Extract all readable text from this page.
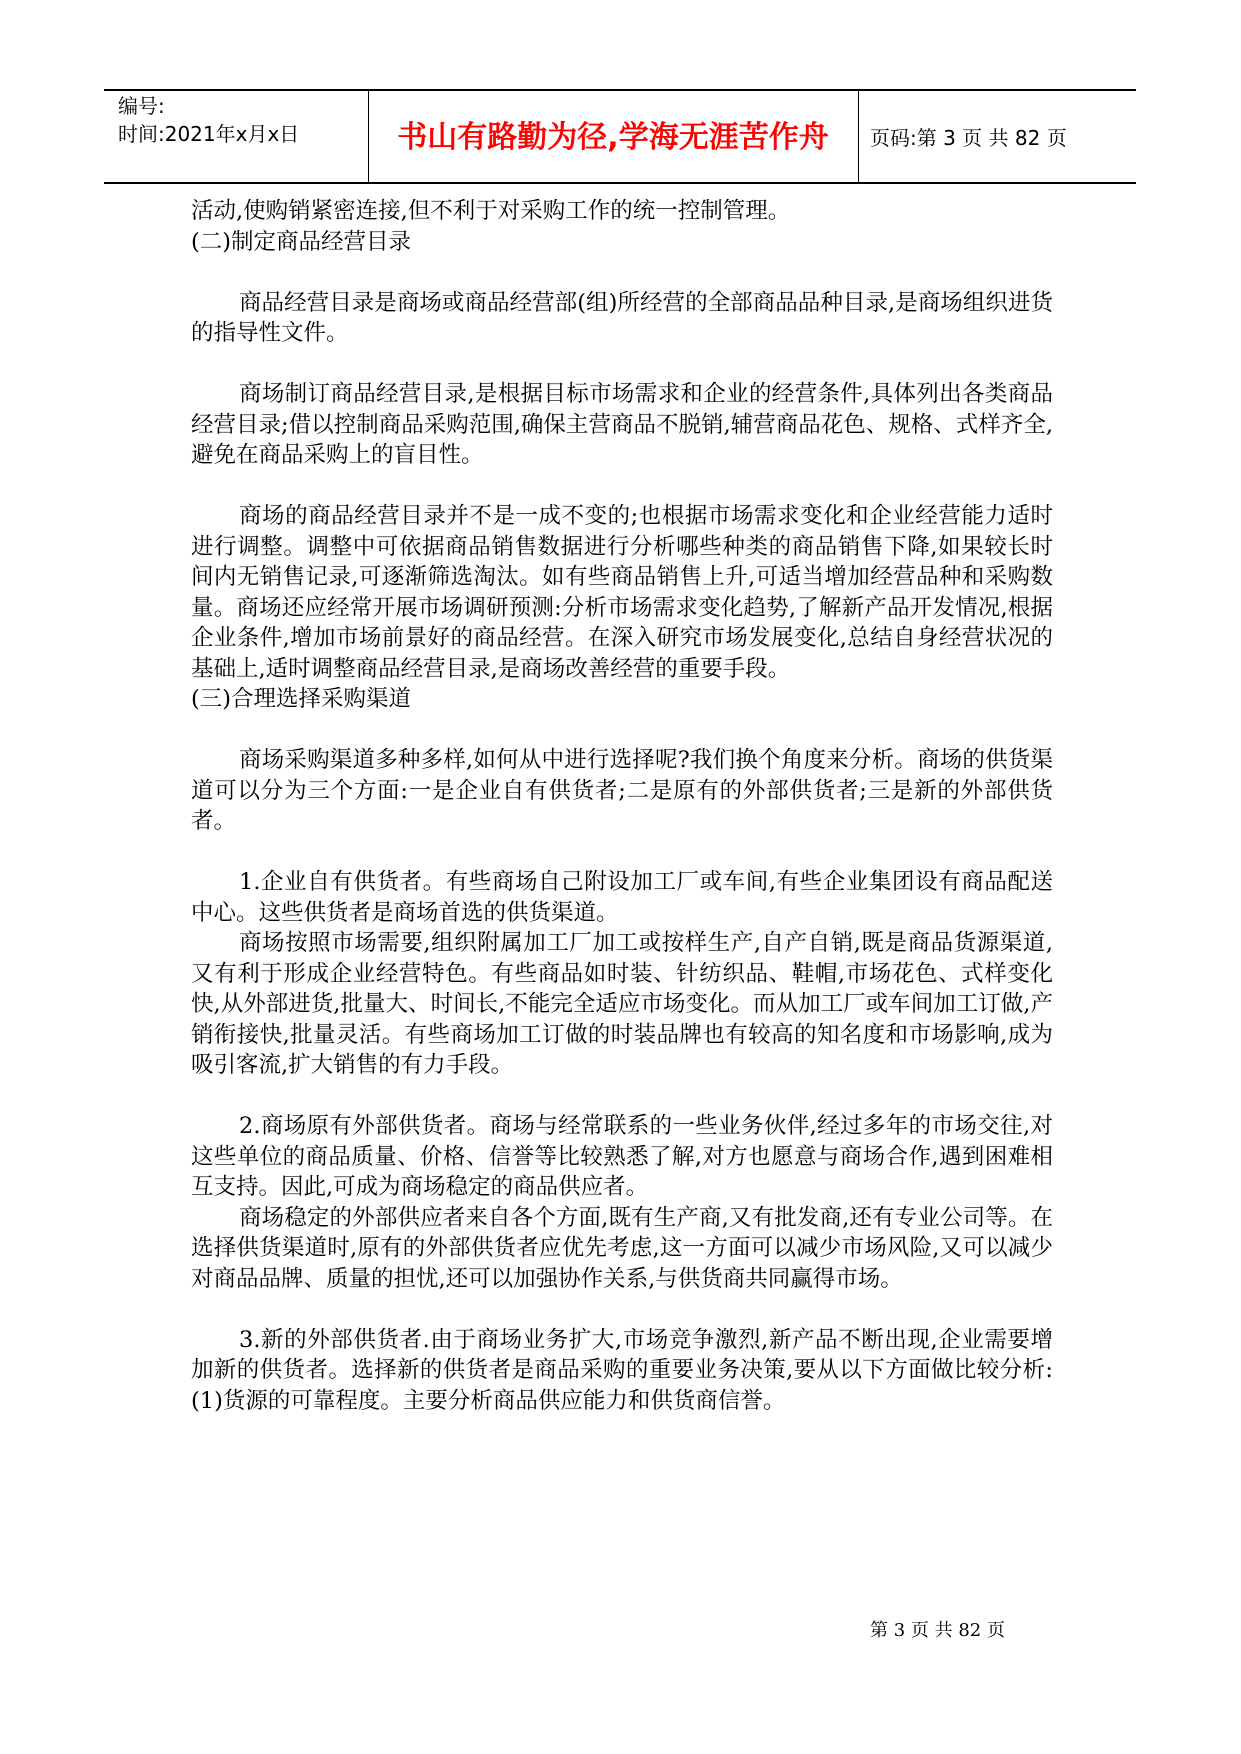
编号:
时间:2021年x月x日	书山有路勤为径,学海无涯苦作舟	页码:第 3 页 共 82 页

活动,使购销紧密连接,但不利于对采购工作的统一控制管理。

(二)制定商品经营目录

商品经营目录是商场或商品经营部(组)所经营的全部商品品种目录,是商场组织进货的指导性文件。

商场制订商品经营目录,是根据目标市场需求和企业的经营条件,具体列出各类商品经营目录;借以控制商品采购范围,确保主营商品不脱销,辅营商品花色、规格、式样齐全,避免在商品采购上的盲目性。

商场的商品经营目录并不是一成不变的;也根据市场需求变化和企业经营能力适时进行调整。调整中可依据商品销售数据进行分析哪些种类的商品销售下降,如果较长时间内无销售记录,可逐渐筛选淘汰。如有些商品销售上升,可适当增加经营品种和采购数量。商场还应经常开展市场调研预测:分析市场需求变化趋势,了解新产品开发情况,根据企业条件,增加市场前景好的商品经营。在深入研究市场发展变化,总结自身经营状况的基础上,适时调整商品经营目录,是商场改善经营的重要手段。

(三)合理选择采购渠道

商场采购渠道多种多样,如何从中进行选择呢?我们换个角度来分析。商场的供货渠道可以分为三个方面:一是企业自有供货者;二是原有的外部供货者;三是新的外部供货者。

1.企业自有供货者。有些商场自己附设加工厂或车间,有些企业集团设有商品配送中心。这些供货者是商场首选的供货渠道。

商场按照市场需要,组织附属加工厂加工或按样生产,自产自销,既是商品货源渠道,又有利于形成企业经营特色。有些商品如时装、针纺织品、鞋帽,市场花色、式样变化快,从外部进货,批量大、时间长,不能完全适应市场变化。而从加工厂或车间加工订做,产销衔接快,批量灵活。有些商场加工订做的时装品牌也有较高的知名度和市场影响,成为吸引客流,扩大销售的有力手段。

2.商场原有外部供货者。商场与经常联系的一些业务伙伴,经过多年的市场交往,对这些单位的商品质量、价格、信誉等比较熟悉了解,对方也愿意与商场合作,遇到困难相互支持。因此,可成为商场稳定的商品供应者。

商场稳定的外部供应者来自各个方面,既有生产商,又有批发商,还有专业公司等。在选择供货渠道时,原有的外部供货者应优先考虑,这一方面可以减少市场风险,又可以减少对商品品牌、质量的担忧,还可以加强协作关系,与供货商共同赢得市场。

3.新的外部供货者.由于商场业务扩大,市场竞争激烈,新产品不断出现,企业需要增加新的供货者。选择新的供货者是商品采购的重要业务决策,要从以下方面做比较分析:(1)货源的可靠程度。主要分析商品供应能力和供货商信誉。

第 3 页 共 82 页
